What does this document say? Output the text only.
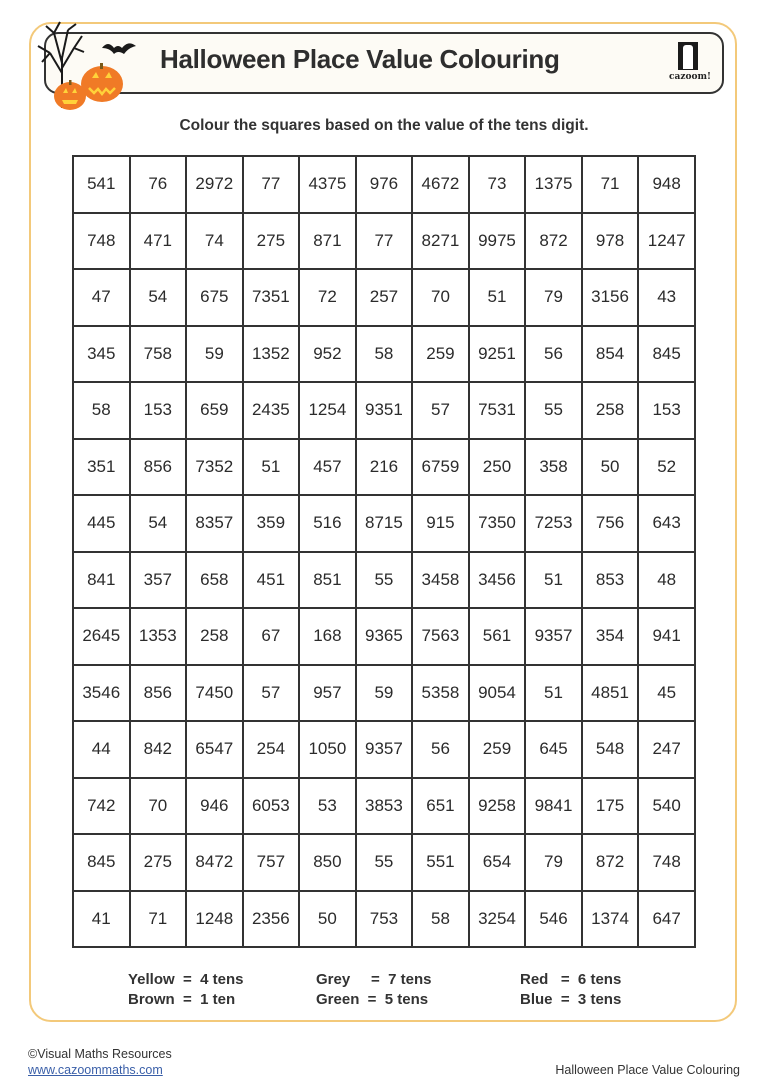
Halloween Place Value Colouring
cazoom!
Colour the squares based on the value of the tens digit.
541	76	2972	77	4375	976	4672	73	1375	71	948
748	471	74	275	871	77	8271	9975	872	978	1247
47	54	675	7351	72	257	70	51	79	3156	43
345	758	59	1352	952	58	259	9251	56	854	845
58	153	659	2435	1254	9351	57	7531	55	258	153
351	856	7352	51	457	216	6759	250	358	50	52
445	54	8357	359	516	8715	915	7350	7253	756	643
841	357	658	451	851	55	3458	3456	51	853	48
2645	1353	258	67	168	9365	7563	561	9357	354	941
3546	856	7450	57	957	59	5358	9054	51	4851	45
44	842	6547	254	1050	9357	56	259	645	548	247
742	70	946	6053	53	3853	651	9258	9841	175	540
845	275	8472	757	850	55	551	654	79	872	748
41	71	1248	2356	50	753	58	3254	546	1374	647
Yellow  =  4 tens
Brown  =  1 ten
Grey     =  7 tens
Green  =  5 tens
Red   =  6 tens
Blue  =  3 tens
©Visual Maths Resources
www.cazoommaths.com	Halloween Place Value Colouring
